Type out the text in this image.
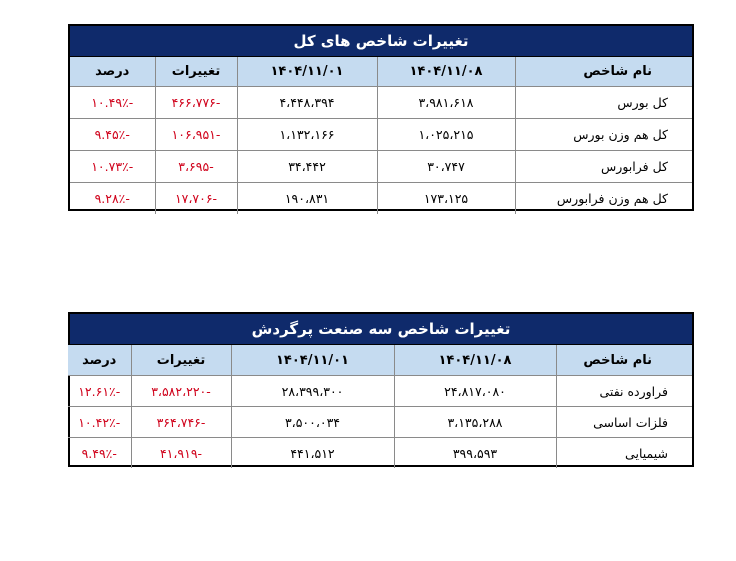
تغییرات شاخص های کل
نام شاخص	۱۴۰۴/۱۱/۰۸	۱۴۰۴/۱۱/۰۱	تغییرات	درصد
کل بورس	۳،۹۸۱،۶۱۸	۴،۴۴۸،۳۹۴	-۴۶۶،۷۷۶	-۱۰.۴۹٪
کل هم وزن بورس	۱،۰۲۵،۲۱۵	۱،۱۳۲،۱۶۶	-۱۰۶،۹۵۱	-۹.۴۵٪
کل فرابورس	۳۰،۷۴۷	۳۴،۴۴۲	-۳،۶۹۵	-۱۰.۷۳٪
کل هم وزن فرابورس	۱۷۳،۱۲۵	۱۹۰،۸۳۱	-۱۷،۷۰۶	-۹.۲۸٪
تغییرات شاخص سه صنعت پرگردش
نام شاخص	۱۴۰۴/۱۱/۰۸	۱۴۰۴/۱۱/۰۱	تغییرات	درصد
فراورده نفتی	۲۴،۸۱۷،۰۸۰	۲۸،۳۹۹،۳۰۰	-۳،۵۸۲،۲۲۰	-۱۲.۶۱٪
فلزات اساسی	۳،۱۳۵،۲۸۸	۳،۵۰۰،۰۳۴	-۳۶۴،۷۴۶	-۱۰.۴۲٪
شیمیایی	۳۹۹،۵۹۳	۴۴۱،۵۱۲	-۴۱،۹۱۹	-۹.۴۹٪
